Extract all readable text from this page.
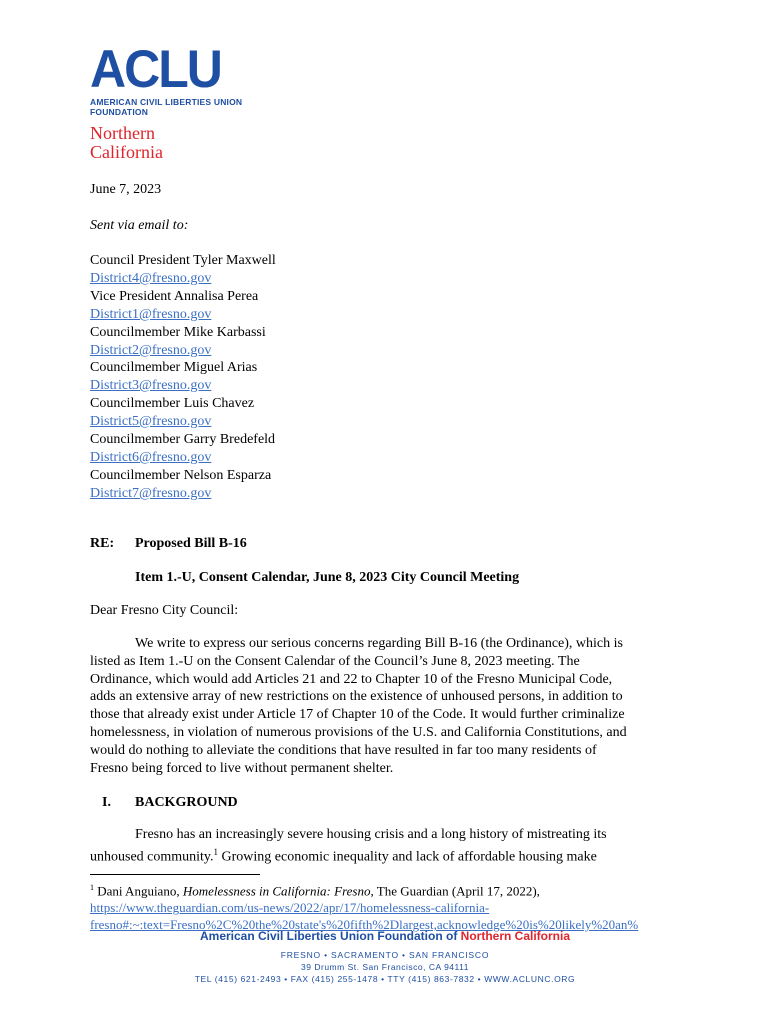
ACLU
AMERICAN CIVIL LIBERTIES UNION
FOUNDATION
Northern
California
June 7, 2023
Sent via email to:
Council President Tyler Maxwell
District4@fresno.gov
Vice President Annalisa Perea
District1@fresno.gov
Councilmember Mike Karbassi
District2@fresno.gov
Councilmember Miguel Arias
District3@fresno.gov
Councilmember Luis Chavez
District5@fresno.gov
Councilmember Garry Bredefeld
District6@fresno.gov
Councilmember Nelson Esparza
District7@fresno.gov
RE: Proposed Bill B-16
Item 1.-U, Consent Calendar, June 8, 2023 City Council Meeting
Dear Fresno City Council:
We write to express our serious concerns regarding Bill B-16 (the Ordinance), which is
listed as Item 1.-U on the Consent Calendar of the Council’s June 8, 2023 meeting. The
Ordinance, which would add Articles 21 and 22 to Chapter 10 of the Fresno Municipal Code,
adds an extensive array of new restrictions on the existence of unhoused persons, in addition to
those that already exist under Article 17 of Chapter 10 of the Code. It would further criminalize
homelessness, in violation of numerous provisions of the U.S. and California Constitutions, and
would do nothing to alleviate the conditions that have resulted in far too many residents of
Fresno being forced to live without permanent shelter.
I. BACKGROUND
Fresno has an increasingly severe housing crisis and a long history of mistreating its
unhoused community.$^1$ Growing economic inequality and lack of affordable housing make
$^1$ Dani Anguiano, Homelessness in California: Fresno, The Guardian (April 17, 2022),
https://www.theguardian.com/us-news/2022/apr/17/homelessness-california-
fresno#:~:text=Fresno%2C%20the%20state's%20fifth%2Dlargest,acknowledge%20is%20likely%20an%
American Civil Liberties Union Foundation of Northern California
FRESNO • SACRAMENTO • SAN FRANCISCO
39 Drumm St. San Francisco, CA 94111
TEL (415) 621-2493 • FAX (415) 255-1478 • TTY (415) 863-7832 • WWW.ACLUNC.ORG
